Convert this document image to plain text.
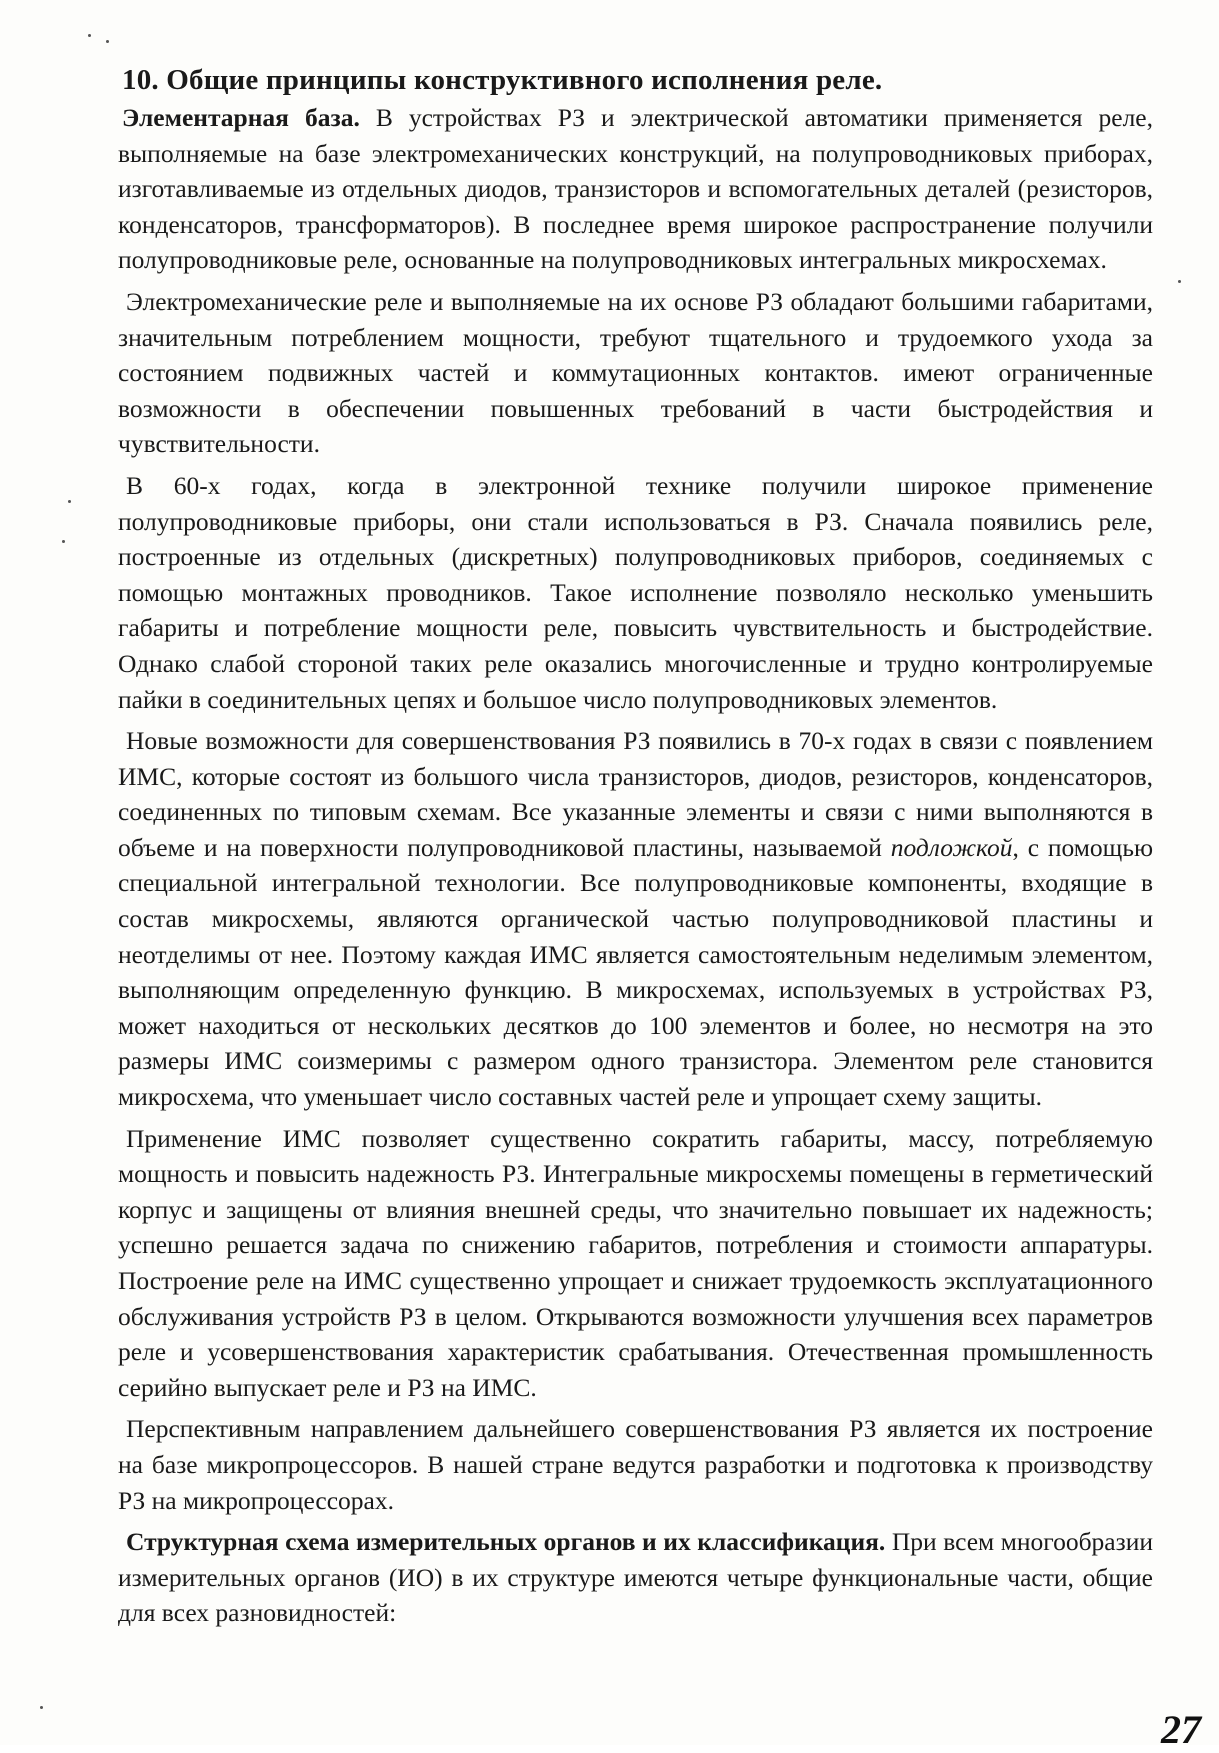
10. Общие принципы конструктивного исполнения реле.

Элементарная база. В устройствах РЗ и электрической автоматики применяется реле, выполняемые на базе электромеханических конструкций, на полупроводниковых приборах, изготавливаемые из отдельных диодов, транзисторов и вспомогательных деталей (резисторов, конденсаторов, трансформаторов). В последнее время широкое распространение получили полупроводниковые реле, основанные на полупроводниковых интегральных микросхемах.

Электромеханические реле и выполняемые на их основе РЗ обладают большими габаритами, значительным потреблением мощности, требуют тщательного и трудоемкого ухода за состоянием подвижных частей и коммутационных контактов. имеют ограниченные возможности в обеспечении повышенных требований в части быстродействия и чувствительности.

В 60-х годах, когда в электронной технике получили широкое применение полупроводниковые приборы, они стали использоваться в РЗ. Сначала появились реле, построенные из отдельных (дискретных) полупроводниковых приборов, соединяемых с помощью монтажных проводников. Такое исполнение позволяло несколько уменьшить габариты и потребление мощности реле, повысить чувствительность и быстродействие. Однако слабой стороной таких реле оказались многочисленные и трудно контролируемые пайки в соединительных цепях и большое число полупроводниковых элементов.

Новые возможности для совершенствования РЗ появились в 70-х годах в связи с появлением ИМС, которые состоят из большого числа транзисторов, диодов, резисторов, конденсаторов, соединенных по типовым схемам. Все указанные элементы и связи с ними выполняются в объеме и на поверхности полупроводниковой пластины, называемой подложкой, с помощью специальной интегральной технологии. Все полупроводниковые компоненты, входящие в состав микросхемы, являются органической частью полупроводниковой пластины и неотделимы от нее. Поэтому каждая ИМС является самостоятельным неделимым элементом, выполняющим определенную функцию. В микросхемах, используемых в устройствах РЗ, может находиться от нескольких десятков до 100 элементов и более, но несмотря на это размеры ИМС соизмеримы с размером одного транзистора. Элементом реле становится микросхема, что уменьшает число составных частей реле и упрощает схему защиты.

Применение ИМС позволяет существенно сократить габариты, массу, потребляемую мощность и повысить надежность РЗ. Интегральные микросхемы помещены в герметический корпус и защищены от влияния внешней среды, что значительно повышает их надежность; успешно решается задача по снижению габаритов, потребления и стоимости аппаратуры. Построение реле на ИМС существенно упрощает и снижает трудоемкость эксплуатационного обслуживания устройств РЗ в целом. Открываются возможности улучшения всех параметров реле и усовершенствования характеристик срабатывания. Отечественная промышленность серийно выпускает реле и РЗ на ИМС.

Перспективным направлением дальнейшего совершенствования РЗ является их построение на базе микропроцессоров. В нашей стране ведутся разработки и подготовка к производству РЗ на микропроцессорах.

Структурная схема измерительных органов и их классификация. При всем многообразии измерительных органов (ИО) в их структуре имеются четыре функциональные части, общие для всех разновидностей:

27
